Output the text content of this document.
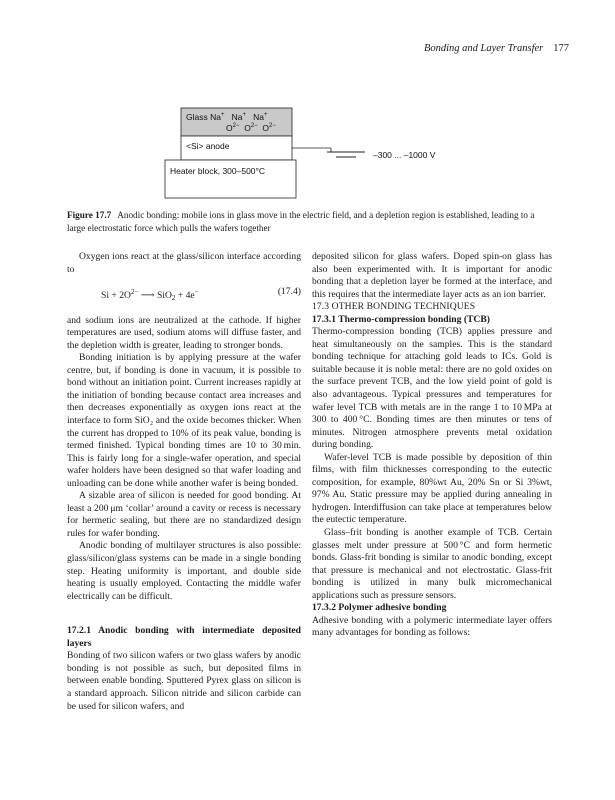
Bonding and Layer Transfer 177
Glass Na+ Na+ Na+
$O^{2-}$ $O^{2-}$ $O^{2-}$
<Si> anode
Heater block, 300–500°C
–300 ... –1000 V
Figure 17.7 Anodic bonding: mobile ions in glass move in the electric field, and a depletion region is established, leading to a large electrostatic force which pulls the wafers together

Oxygen ions react at the glass/silicon interface according to

$Si + 2O^{2-}$ ⟶ SiO$_2$ + 4e−	(17.4)

and sodium ions are neutralized at the cathode. If higher temperatures are used, sodium atoms will diffuse faster, and the depletion width is greater, leading to stronger bonds.

Bonding initiation is by applying pressure at the wafer centre, but, if bonding is done in vacuum, it is possible to bond without an initiation point. Current increases rapidly at the initiation of bonding because contact area increases and then decreases exponentially as oxygen ions react at the interface to form SiO₂ and the oxide becomes thicker. When the current has dropped to 10% of its peak value, bonding is termed finished. Typical bonding times are 10 to 30 min. This is fairly long for a single-wafer operation, and special wafer holders have been designed so that wafer loading and unloading can be done while another wafer is being bonded.

A sizable area of silicon is needed for good bonding. At least a 200 μm ‘collar’ around a cavity or recess is necessary for hermetic sealing, but there are no standardized design rules for wafer bonding.

Anodic bonding of multilayer structures is also possible: glass/silicon/glass systems can be made in a single bonding step. Heating uniformity is important, and double side heating is usually employed. Contacting the middle wafer electrically can be difficult.

17.2.1 Anodic bonding with intermediate deposited layers

Bonding of two silicon wafers or two glass wafers by anodic bonding is not possible as such, but deposited films in between enable bonding. Sputtered Pyrex glass on silicon is a standard approach. Silicon nitride and silicon carbide can be used for silicon wafers, and

deposited silicon for glass wafers. Doped spin-on glass has also been experimented with. It is important for anodic bonding that a depletion layer be formed at the interface, and this requires that the intermediate layer acts as an ion barrier.

17.3 OTHER BONDING TECHNIQUES

17.3.1 Thermo-compression bonding (TCB)

Thermo-compression bonding (TCB) applies pressure and heat simultaneously on the samples. This is the standard bonding technique for attaching gold leads to ICs. Gold is suitable because it is noble metal: there are no gold oxides on the surface prevent TCB, and the low yield point of gold is also advantageous. Typical pressures and temperatures for wafer level TCB with metals are in the range 1 to 10 MPa at 300 to 400 °C. Bonding times are then minutes or tens of minutes. Nitrogen atmosphere prevents metal oxidation during bonding.

Wafer-level TCB is made possible by deposition of thin films, with film thicknesses corresponding to the eutectic composition, for example, 80%wt Au, 20% Sn or Si 3%wt, 97% Au. Static pressure may be applied during annealing in hydrogen. Interdiffusion can take place at temperatures below the eutectic temperature.

Glass–frit bonding is another example of TCB. Certain glasses melt under pressure at 500 °C and form hermetic bonds. Glass-frit bonding is similar to anodic bonding, except that pressure is mechanical and not electrostatic. Glass-frit bonding is utilized in many bulk micromechanical applications such as pressure sensors.

17.3.2 Polymer adhesive bonding

Adhesive bonding with a polymeric intermediate layer offers many advantages for bonding as follows:
